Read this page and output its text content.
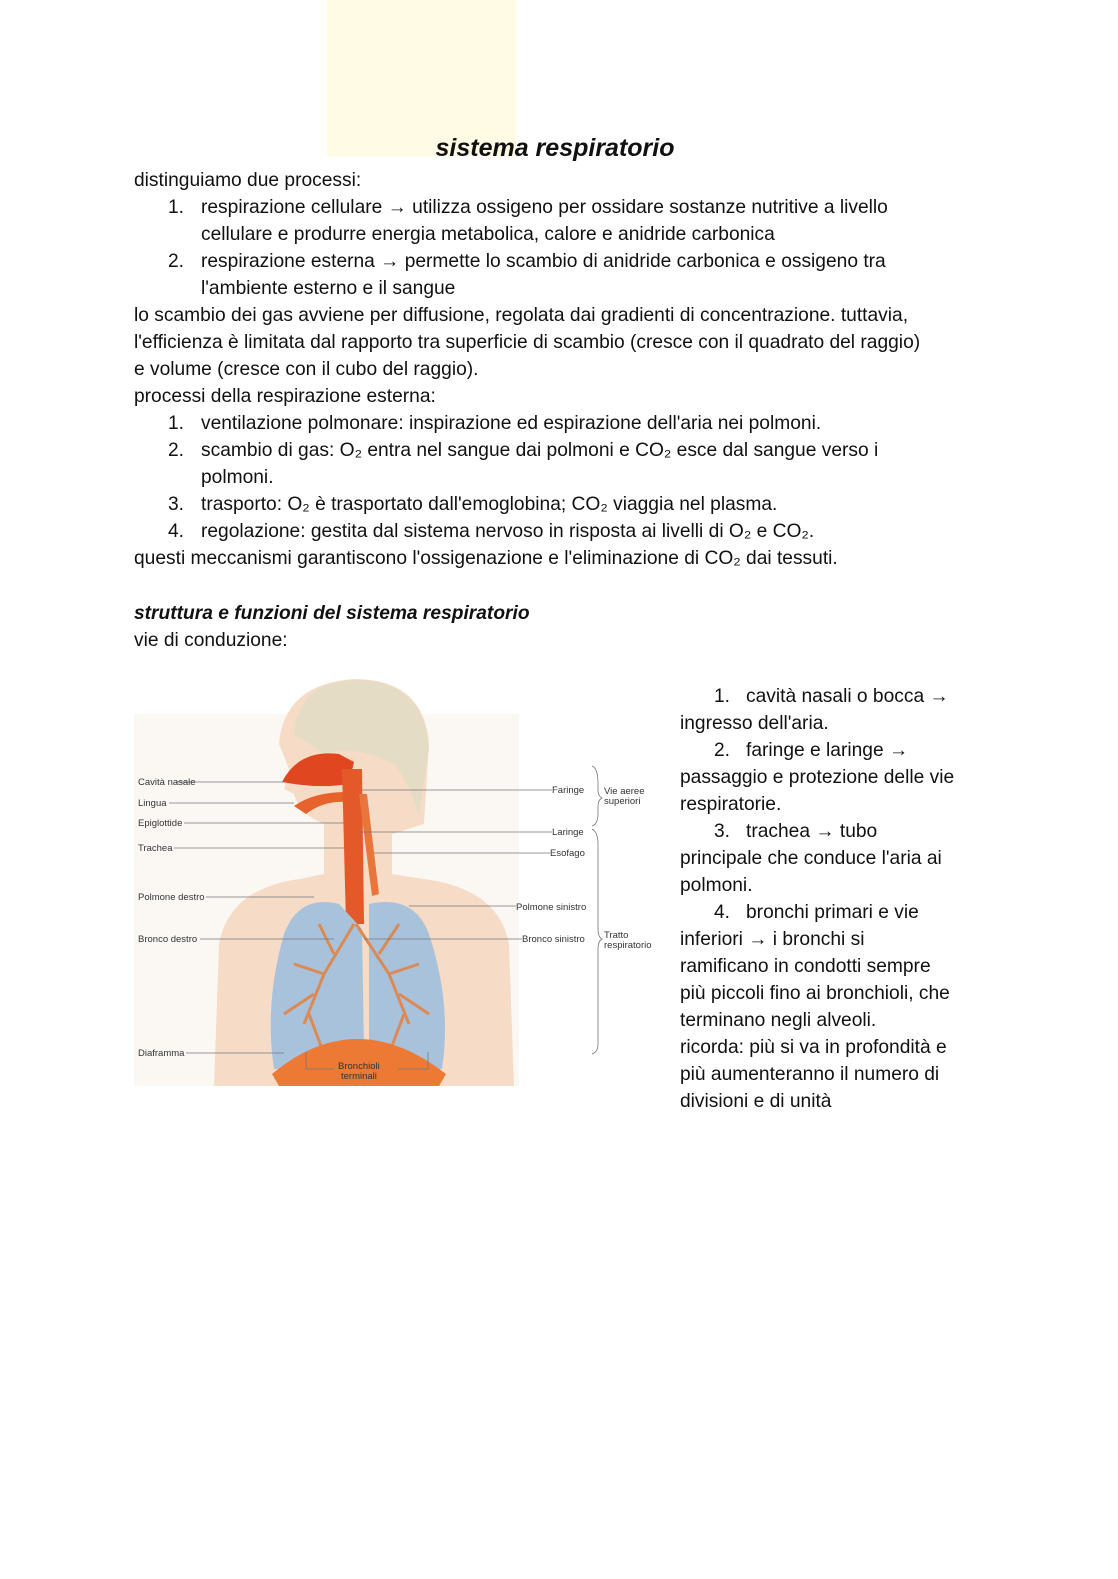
sistema respiratorio
distinguiamo due processi:
1. respirazione cellulare → utilizza ossigeno per ossidare sostanze nutritive a livello
cellulare e produrre energia metabolica, calore e anidride carbonica
2. respirazione esterna → permette lo scambio di anidride carbonica e ossigeno tra
l'ambiente esterno e il sangue
lo scambio dei gas avviene per diffusione, regolata dai gradienti di concentrazione. tuttavia,
l'efficienza è limitata dal rapporto tra superficie di scambio (cresce con il quadrato del raggio)
e volume (cresce con il cubo del raggio).
processi della respirazione esterna:
1. ventilazione polmonare: inspirazione ed espirazione dell'aria nei polmoni.
2. scambio di gas: O₂ entra nel sangue dai polmoni e CO₂ esce dal sangue verso i
polmoni.
3. trasporto: O₂ è trasportato dall'emoglobina; CO₂ viaggia nel plasma.
4. regolazione: gestita dal sistema nervoso in risposta ai livelli di O₂ e CO₂.
questi meccanismi garantiscono l'ossigenazione e l'eliminazione di CO₂ dai tessuti.
struttura e funzioni del sistema respiratorio
vie di conduzione:
Cavità nasale
Lingua
Epiglottide
Trachea
Polmone destro
Bronco destro
Diaframma
Faringe
Laringe
Esofago
Polmone sinistro
Bronco sinistro
Bronchioli
terminali
Vie aeree
superiori
Tratto
respiratorio
1. cavità nasali o bocca →
ingresso dell'aria.
2. faringe e laringe →
passaggio e protezione delle vie
respiratorie.
3. trachea → tubo
principale che conduce l'aria ai
polmoni.
4. bronchi primari e vie
inferiori → i bronchi si
ramificano in condotti sempre
più piccoli fino ai bronchioli, che
terminano negli alveoli.
ricorda: più si va in profondità e
più aumenteranno il numero di
divisioni e di unità
